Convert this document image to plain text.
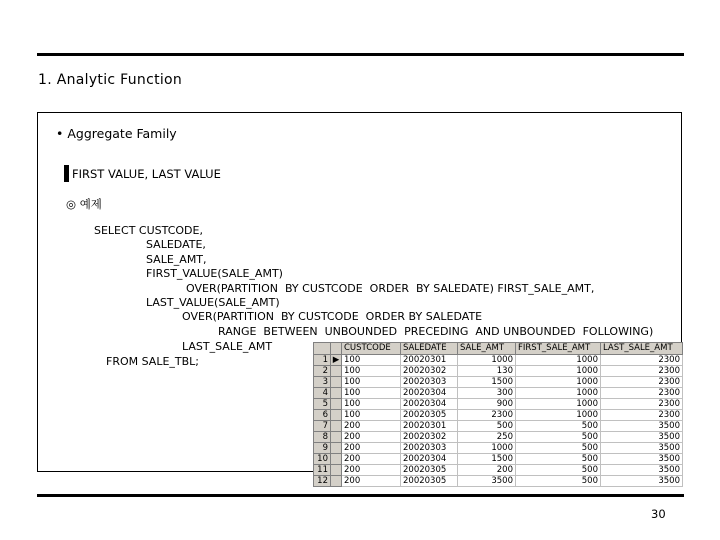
1. Analytic Function
• Aggregate Family
FIRST VALUE, LAST VALUE
◎ 예제
SELECT CUSTCODE,
SALEDATE,
SALE_AMT,
FIRST_VALUE(SALE_AMT)
OVER(PARTITION  BY CUSTCODE  ORDER  BY SALEDATE) FIRST_SALE_AMT,
LAST_VALUE(SALE_AMT)
OVER(PARTITION  BY CUSTCODE  ORDER BY SALEDATE
RANGE  BETWEEN  UNBOUNDED  PRECEDING  AND UNBOUNDED  FOLLOWING)
LAST_SALE_AMT
FROM SALE_TBL;
		CUSTCODE	SALEDATE	SALE_AMT	FIRST_SALE_AMT	LAST_SALE_AMT
1	▶	100	20020301	1000	1000	2300
2		100	20020302	130	1000	2300
3		100	20020303	1500	1000	2300
4		100	20020304	300	1000	2300
5		100	20020304	900	1000	2300
6		100	20020305	2300	1000	2300
7		200	20020301	500	500	3500
8		200	20020302	250	500	3500
9		200	20020303	1000	500	3500
10		200	20020304	1500	500	3500
11		200	20020305	200	500	3500
12		200	20020305	3500	500	3500
30
